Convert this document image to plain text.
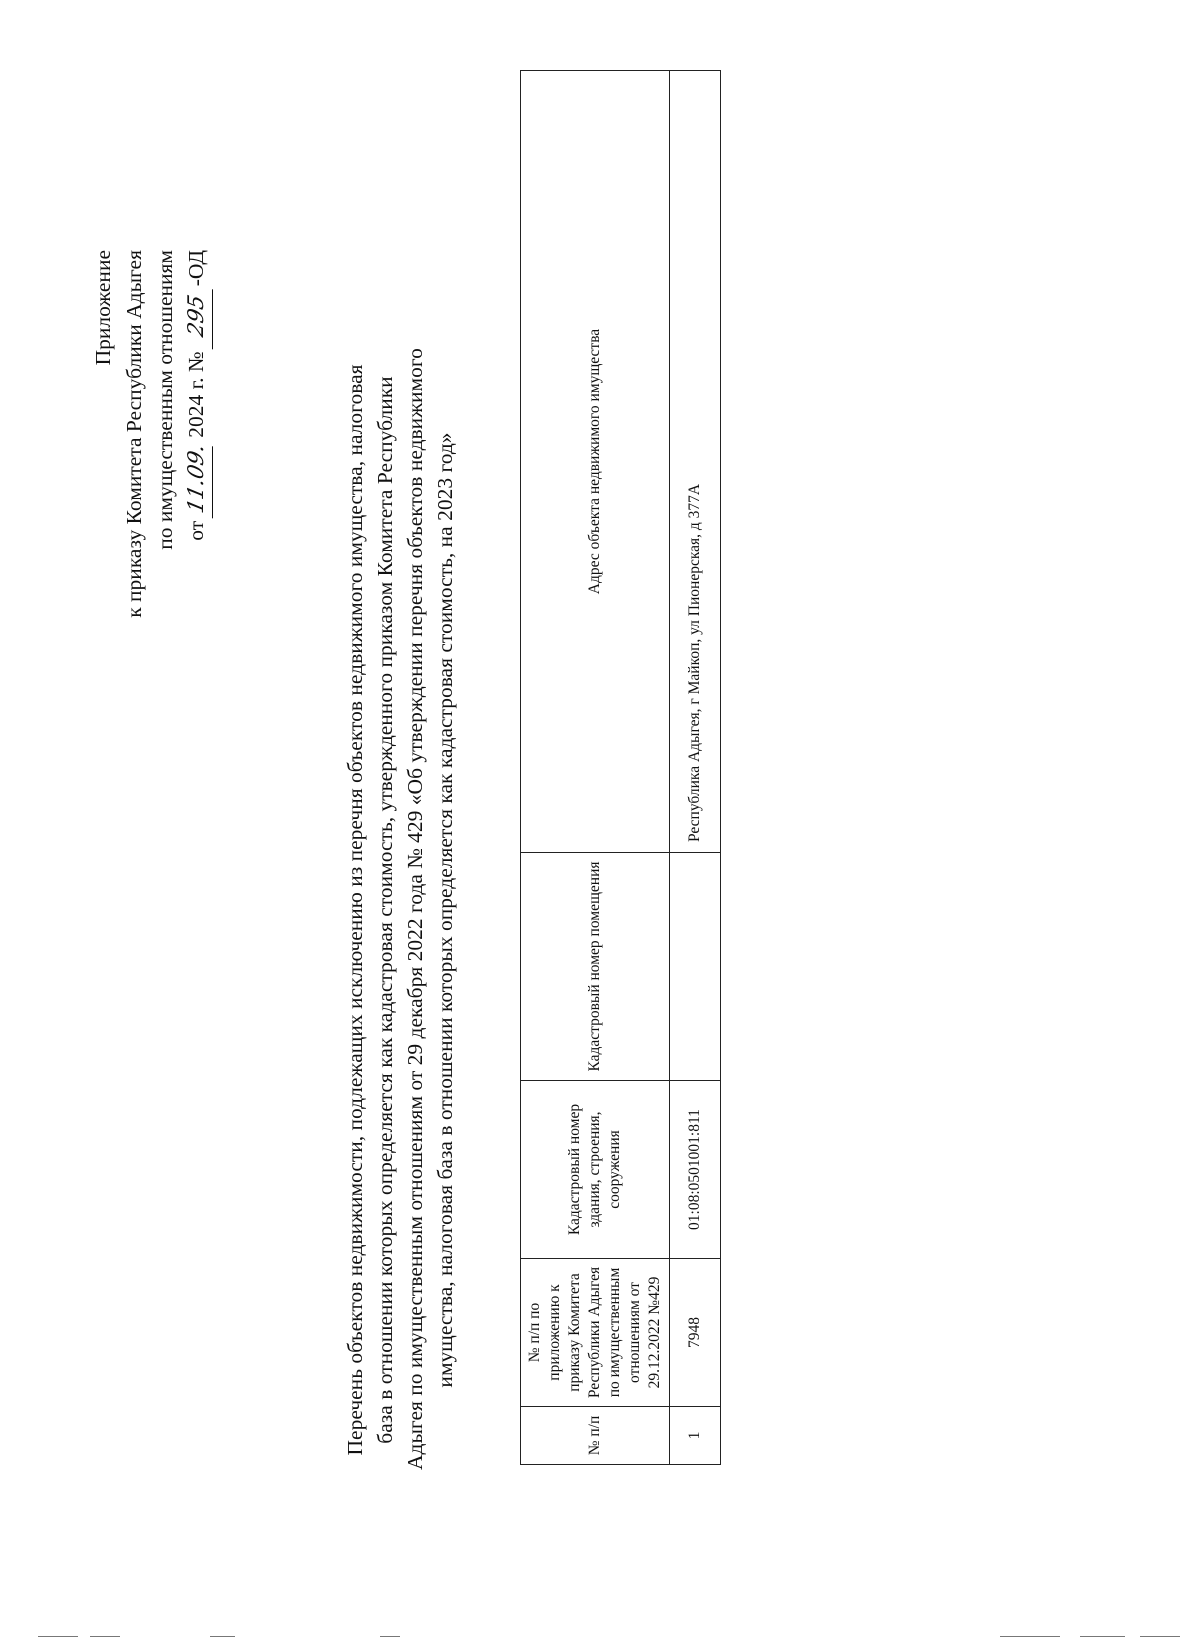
Приложение к приказу Комитета Республики Адыгея по имущественным отношениям от 11.09. 2024 г. № 295-ОД
Перечень объектов недвижимости, подлежащих исключению из перечня объектов недвижимого имущества, налоговая база в отношении которых определяется как кадастровая стоимость, утвержденного приказом Комитета Республики Адыгея по имущественным отношениям от 29 декабря 2022 года № 429 «Об утверждении перечня объектов недвижимого имущества, налоговая база в отношении которых определяется как кадастровая стоимость, на 2023 год»
№ п/п	№ п/п по приложению к приказу Комитета Республики Адыгея по имущественным отношениям от 29.12.2022 №429	Кадастровый номер здания, строения, сооружения	Кадастровый номер помещения	Адрес объекта недвижимого имущества
1	7948	01:08:0501001:811		Республика Адыгея, г Майкоп, ул Пионерская, д 377А
